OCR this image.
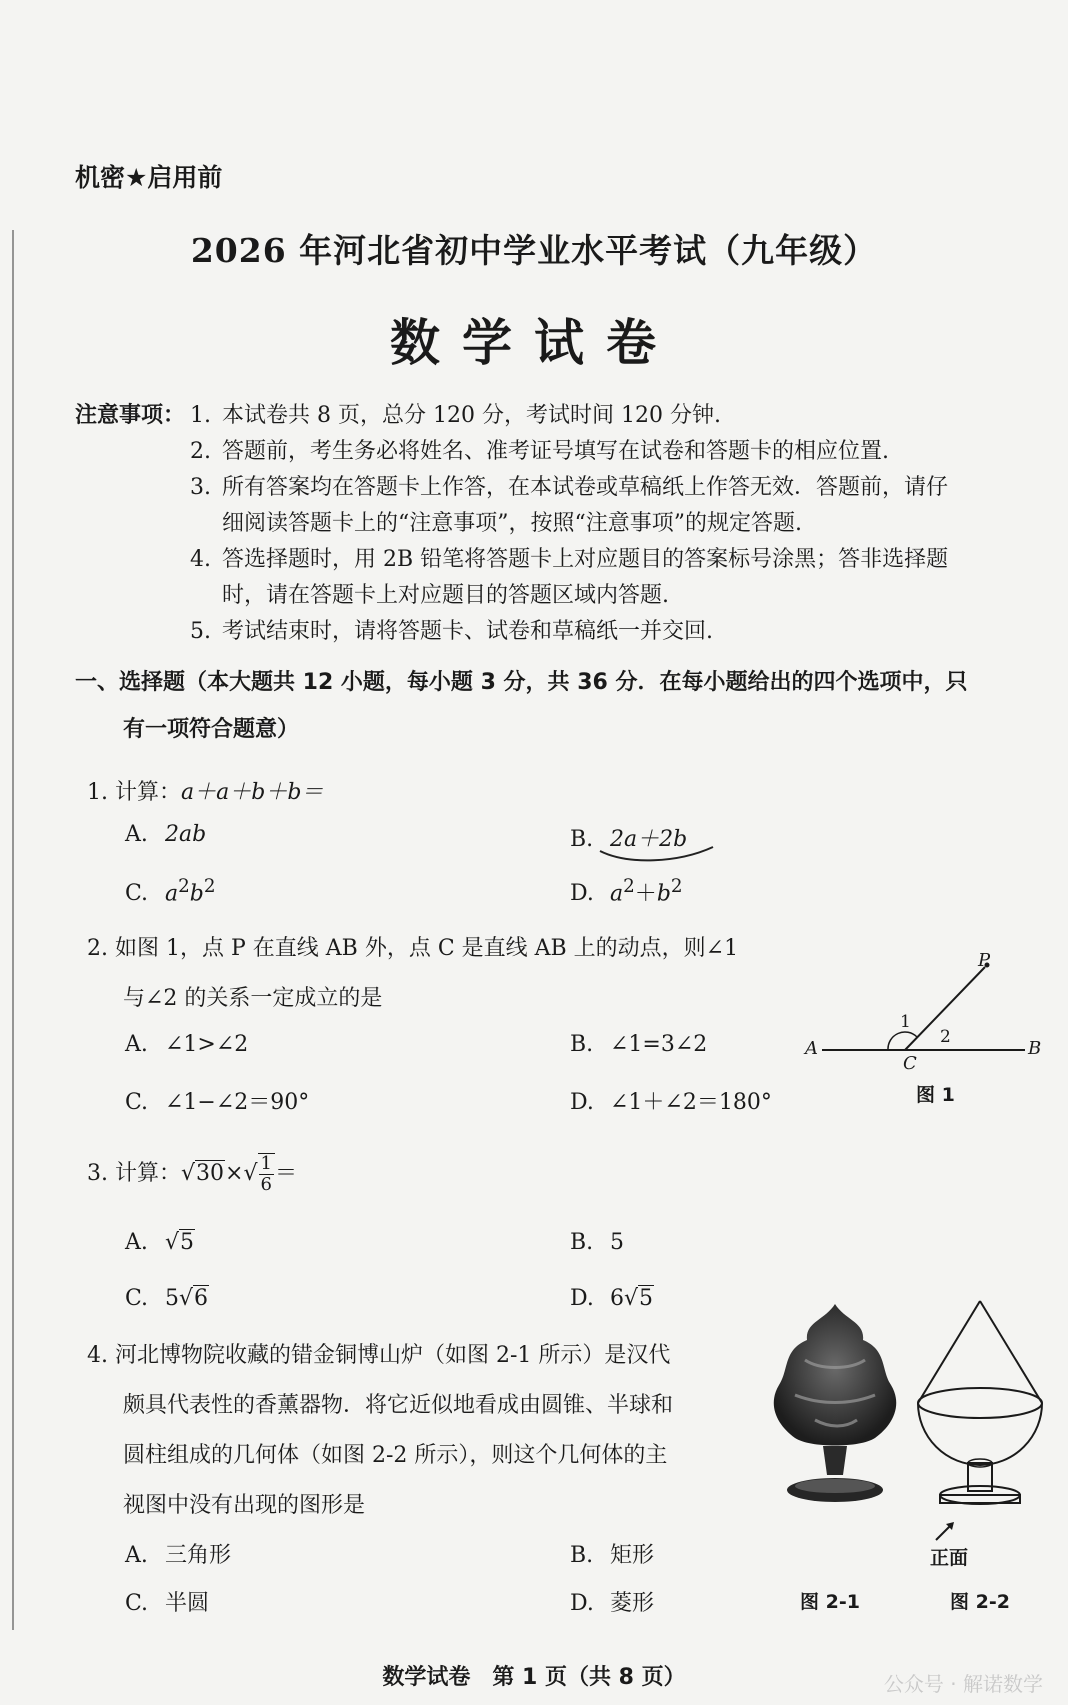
机密★启用前
2026 年河北省初中学业水平考试（九年级）
数学试卷
注意事项： 1. 本试卷共 8 页，总分 120 分，考试时间 120 分钟.
2. 答题前，考生务必将姓名、准考证号填写在试卷和答题卡的相应位置.
3. 所有答案均在答题卡上作答，在本试卷或草稿纸上作答无效．答题前，请仔
细阅读答题卡上的“注意事项”，按照“注意事项”的规定答题.
4. 答选择题时，用 2B 铅笔将答题卡上对应题目的答案标号涂黑；答非选择题
时，请在答题卡上对应题目的答题区域内答题.
5. 考试结束时，请将答题卡、试卷和草稿纸一并交回.
一、选择题（本大题共 12 小题，每小题 3 分，共 36 分．在每小题给出的四个选项中，只
有一项符合题意）
1. 计算：a＋a＋b＋b＝
A. 2ab	B. 2a＋2b
C. $a^2b^2$	D. $a^2+b^2$
2. 如图 1，点 P 在直线 AB 外，点 C 是直线 AB 上的动点，则∠1
与∠2 的关系一定成立的是
A. ∠1>∠2	B. ∠1=3∠2
C. ∠1−∠2＝90°	D. ∠1＋∠2＝180°
P
A	B
C
1
2
图 1
3. 计算：$√30\times√ \frac{1}{6}$ ＝
A. √5	B. 5
C. 5√6	D. 6√5
4. 河北博物院收藏的错金铜博山炉（如图 2-1 所示）是汉代
颇具代表性的香薰器物．将它近似地看成由圆锥、半球和
圆柱组成的几何体（如图 2-2 所示），则这个几何体的主
视图中没有出现的图形是
A. 三角形	B. 矩形
C. 半圆	D. 菱形
正面
图 2-1	图 2-2
数学试卷　第 1 页（共 8 页）	公众号 · 解诺数学
